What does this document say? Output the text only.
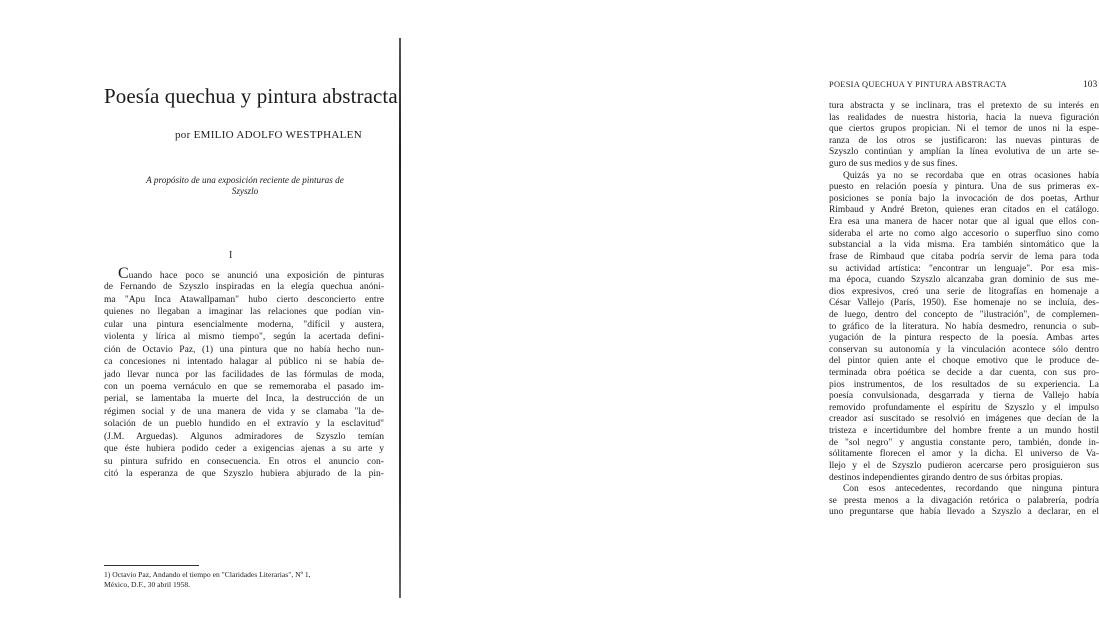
Poesía quechua y pintura abstracta
por EMILIO ADOLFO WESTPHALEN
A propósito de una exposición reciente de pinturas de
Szyszlo
I
Cuando hace poco se anunció una exposición de pinturas
de Fernando de Szyszlo inspiradas en la elegía quechua anóni-
ma "Apu Inca Atawallpaman" hubo cierto desconcierto entre
quienes no llegaban a imaginar las relaciones que podían vin-
cular una pintura esencialmente moderna, "difícil y austera,
violenta y lírica al mismo tiempo", según la acertada defini-
ción de Octavio Paz, (1) una pintura que no había hecho nun-
ca concesiones ni intentado halagar al público ni se había de-
jado llevar nunca por las facilidades de las fórmulas de moda,
con un poema vernáculo en que se rememoraba el pasado im-
perial, se lamentaba la muerte del Inca, la destrucción de un
régimen social y de una manera de vida y se clamaba "la de-
solación de un pueblo hundido en el extravío y la esclavitud"
(J.M. Arguedas). Algunos admiradores de Szyszlo temían
que éste hubiera podido ceder a exigencias ajenas a su arte y
su pintura sufrido en consecuencia. En otros el anuncio con-
citó la esperanza de que Szyszlo hubiera abjurado de la pin-
1) Octavio Paz, Andando el tiempo en "Claridades Literarias", Nº 1,
México, D.F., 30 abril 1958.
POESIA QUECHUA Y PINTURA ABSTRACTA	103
tura abstracta y se inclinara, tras el pretexto de su interés en
las realidades de nuestra historia, hacia la nueva figuración
que ciertos grupos propician. Ni el temor de unos ni la espe-
ranza de los otros se justificaron: las nuevas pinturas de
Szyszlo continúan y amplían la línea evolutiva de un arte se-
guro de sus medios y de sus fines.
Quizás ya no se recordaba que en otras ocasiones había
puesto en relación poesía y pintura. Una de sus primeras ex-
posiciones se ponía bajo la invocación de dos poetas, Arthur
Rimbaud y André Breton, quienes eran citados en el catálogo.
Era esa una manera de hacer notar que al igual que ellos con-
sideraba el arte no como algo accesorio o superfluo sino como
substancial a la vida misma. Era también sintomático que la
frase de Rimbaud que citaba podría servir de lema para toda
su actividad artística: "encontrar un lenguaje". Por esa mis-
ma época, cuando Szyszlo alcanzaba gran dominio de sus me-
dios expresivos, creó una serie de litografías en homenaje a
César Vallejo (París, 1950). Ese homenaje no se incluía, des-
de luego, dentro del concepto de "ilustración", de complemen-
to gráfico de la literatura. No había desmedro, renuncia o sub-
yugación de la pintura respecto de la poesía. Ambas artes
conservan su autonomía y la vinculación acontece sólo dentro
del pintor quien ante el choque emotivo que le produce de-
terminada obra poética se decide a dar cuenta, con sus pro-
pios instrumentos, de los resultados de su experiencia. La
poesía convulsionada, desgarrada y tierna de Vallejo había
removido profundamente el espíritu de Szyszlo y el impulso
creador así suscitado se resolvió en imágenes que decían de la
tristeza e incertidumbre del hombre frente a un mundo hostil
de "sol negro" y angustia constante pero, también, donde in-
sólitamente florecen el amor y la dicha. El universo de Va-
llejo y el de Szyszlo pudieron acercarse pero prosiguieron sus
destinos independientes girando dentro de sus órbitas propias.
Con esos antecedentes, recordando que ninguna pintura
se presta menos a la divagación retórica o palabrería, podría
uno preguntarse que había llevado a Szyszlo a declarar, en el
